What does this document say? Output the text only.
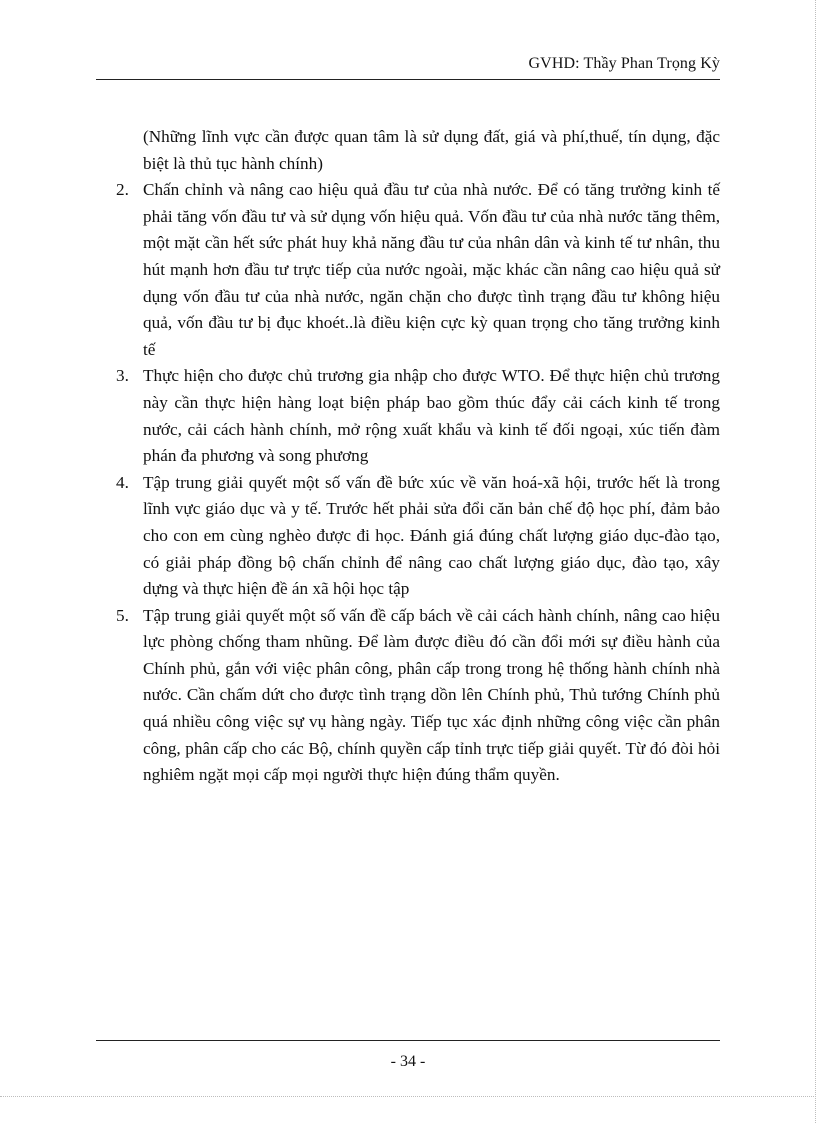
GVHD: Thầy Phan Trọng Kỳ

(Những lĩnh vực cần được quan tâm là sử dụng đất, giá và phí,thuế, tín dụng, đặc biệt là thủ tục hành chính)

2. Chấn chỉnh và nâng cao hiệu quả đầu tư của nhà nước. Để có tăng trưởng kinh tế phải tăng vốn đầu tư và sử dụng vốn hiệu quả. Vốn đầu tư của nhà nước tăng thêm, một mặt cần hết sức phát huy khả năng đầu tư của nhân dân và kinh tế tư nhân, thu hút mạnh hơn đầu tư trực tiếp của nước ngoài, mặc khác cần nâng cao hiệu quả sử dụng vốn đầu tư của nhà nước, ngăn chặn cho được tình trạng đầu tư không hiệu quả, vốn đầu tư bị đục khoét..là điều kiện cực kỳ quan trọng cho tăng trưởng kinh tế
3. Thực hiện cho được chủ trương gia nhập cho được WTO. Để thực hiện chủ trương này cần thực hiện hàng loạt biện pháp bao gồm thúc đẩy cải cách kinh tế trong nước, cải cách hành chính, mở rộng xuất khẩu và kinh tế đối ngoại, xúc tiến đàm phán đa phương và song phương
4. Tập trung giải quyết một số vấn đề bức xúc về văn hoá-xã hội, trước hết là trong lĩnh vực giáo dục và y tế. Trước hết phải sửa đổi căn bản chế độ học phí, đảm bảo cho con em cùng nghèo được đi học. Đánh giá đúng chất lượng giáo dục-đào tạo, có giải pháp đồng bộ chấn chỉnh để nâng cao chất lượng giáo dục, đào tạo, xây dựng và thực hiện đề án xã hội học tập
5. Tập trung giải quyết một số vấn đề cấp bách về cải cách hành chính, nâng cao hiệu lực phòng chống tham nhũng. Để làm được điều đó cần đổi mới sự điều hành của Chính phủ, gắn với việc phân công, phân cấp trong trong hệ thống hành chính nhà nước. Cần chấm dứt cho được tình trạng dồn lên Chính phủ, Thủ tướng Chính phủ quá nhiều công việc sự vụ hàng ngày. Tiếp tục xác định những công việc cần phân công, phân cấp cho các Bộ, chính quyền cấp tỉnh trực tiếp giải quyết. Từ đó đòi hỏi nghiêm ngặt mọi cấp mọi người thực hiện đúng thẩm quyền.
- 34 -
